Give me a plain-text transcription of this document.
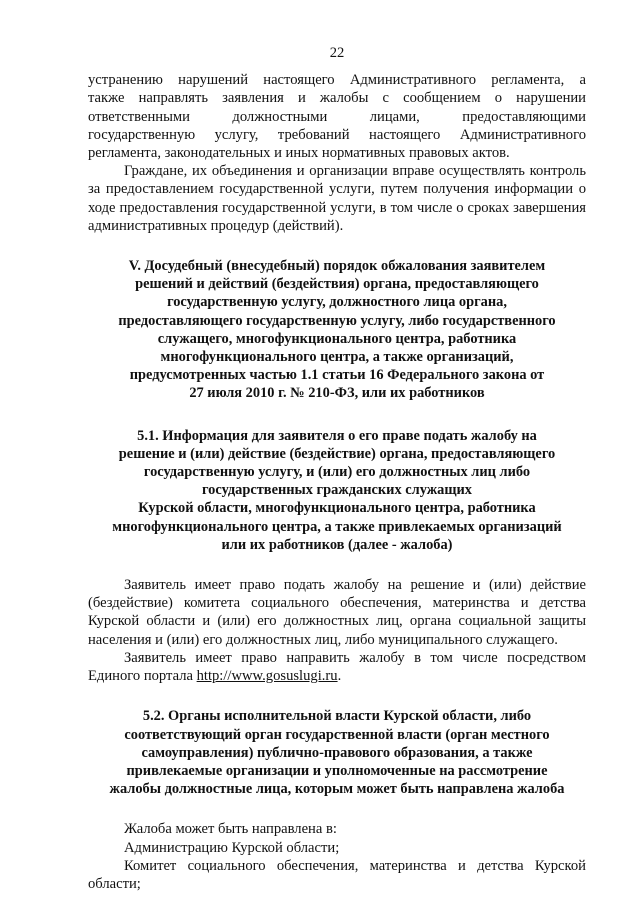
22

устранению нарушений настоящего Административного регламента, а

также направлять заявления и жалобы с сообщением о нарушении

ответственными должностными лицами, предоставляющими

государственную услугу, требований настоящего Административного

регламента, законодательных и иных нормативных правовых актов.

Граждане, их объединения и организации вправе осуществлять контроль за предоставлением государственной услуги, путем получения информации о ходе предоставления государственной услуги, в том числе о сроках завершения административных процедур (действий).

V. Досудебный (внесудебный) порядок обжалования заявителем
решений и действий (бездействия) органа, предоставляющего
государственную услугу, должностного лица органа,
предоставляющего государственную услугу, либо государственного
служащего, многофункционального центра, работника
многофункционального центра, а также организаций,
предусмотренных частью 1.1 статьи 16 Федерального закона от
27 июля 2010 г. № 210-ФЗ, или их работников
5.1. Информация для заявителя о его праве подать жалобу на
решение и (или) действие (бездействие) органа, предоставляющего
государственную услугу, и (или) его должностных лиц либо
государственных гражданских служащих
Курской области, многофункционального центра, работника
многофункционального центра, а также привлекаемых организаций
или их работников (далее - жалоба)

Заявитель имеет право подать жалобу на решение и (или) действие (бездействие) комитета социального обеспечения, материнства и детства Курской области и (или) его должностных лиц, органа социальной защиты населения и (или) его должностных лиц, либо муниципального служащего.

Заявитель имеет право направить жалобу в том числе посредством Единого портала http://www.gosuslugi.ru.

5.2. Органы исполнительной власти Курской области, либо
соответствующий орган государственной власти (орган местного
самоуправления) публично-правового образования, а также
привлекаемые организации и уполномоченные на рассмотрение
жалобы должностные лица, которым может быть направлена жалоба

Жалоба может быть направлена в:

Администрацию Курской области;

Комитет социального обеспечения, материнства и детства Курской области;
